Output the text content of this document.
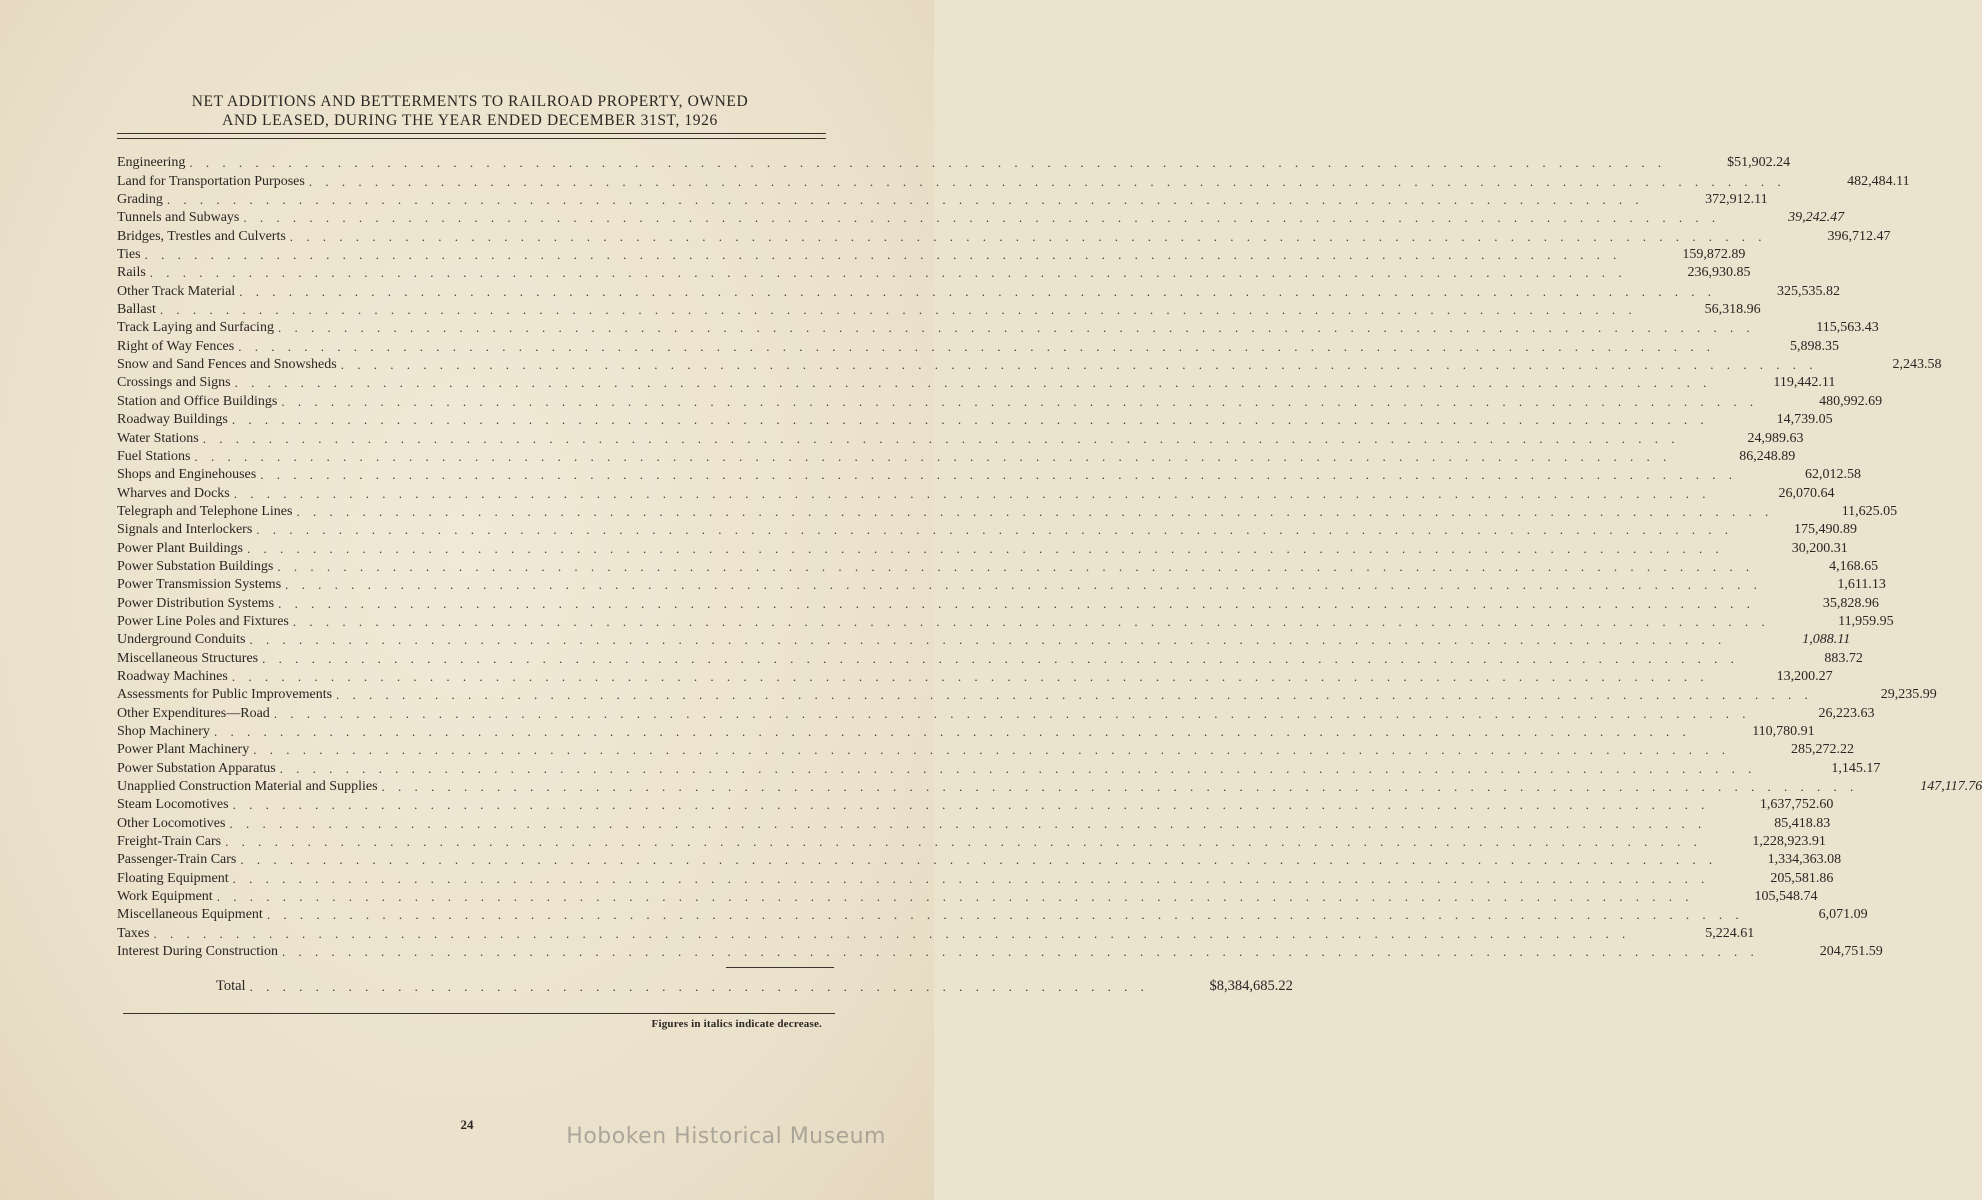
NET ADDITIONS AND BETTERMENTS TO RAILROAD PROPERTY, OWNED
AND LEASED, DURING THE YEAR ENDED DECEMBER 31ST, 1926
Engineering . . . . . . . . . . . . . . . . . . . . . . . . . . . . . . . . . . . . . . . . . . . . . . . . . . . . . . . . . . . . . . . . . . . . . . . . . . . . . . . . . . . . . . . . . .	$51,902.24
Land for Transportation Purposes . . . . . . . . . . . . . . . . . . . . . . . . . . . . . . . . . . . . . . . . . . . . . . . . . . . . . . . . . . . . . . . . . . . . . . . . . . . . . . . . . . . . . . . . . .	482,484.11
Grading . . . . . . . . . . . . . . . . . . . . . . . . . . . . . . . . . . . . . . . . . . . . . . . . . . . . . . . . . . . . . . . . . . . . . . . . . . . . . . . . . . . . . . . . . .	372,912.11
Tunnels and Subways . . . . . . . . . . . . . . . . . . . . . . . . . . . . . . . . . . . . . . . . . . . . . . . . . . . . . . . . . . . . . . . . . . . . . . . . . . . . . . . . . . . . . . . . . .	39,242.47
Bridges, Trestles and Culverts . . . . . . . . . . . . . . . . . . . . . . . . . . . . . . . . . . . . . . . . . . . . . . . . . . . . . . . . . . . . . . . . . . . . . . . . . . . . . . . . . . . . . . . . . .	396,712.47
Ties . . . . . . . . . . . . . . . . . . . . . . . . . . . . . . . . . . . . . . . . . . . . . . . . . . . . . . . . . . . . . . . . . . . . . . . . . . . . . . . . . . . . . . . . . .	159,872.89
Rails . . . . . . . . . . . . . . . . . . . . . . . . . . . . . . . . . . . . . . . . . . . . . . . . . . . . . . . . . . . . . . . . . . . . . . . . . . . . . . . . . . . . . . . . . .	236,930.85
Other Track Material . . . . . . . . . . . . . . . . . . . . . . . . . . . . . . . . . . . . . . . . . . . . . . . . . . . . . . . . . . . . . . . . . . . . . . . . . . . . . . . . . . . . . . . . . .	325,535.82
Ballast . . . . . . . . . . . . . . . . . . . . . . . . . . . . . . . . . . . . . . . . . . . . . . . . . . . . . . . . . . . . . . . . . . . . . . . . . . . . . . . . . . . . . . . . . .	56,318.96
Track Laying and Surfacing . . . . . . . . . . . . . . . . . . . . . . . . . . . . . . . . . . . . . . . . . . . . . . . . . . . . . . . . . . . . . . . . . . . . . . . . . . . . . . . . . . . . . . . . . .	115,563.43
Right of Way Fences . . . . . . . . . . . . . . . . . . . . . . . . . . . . . . . . . . . . . . . . . . . . . . . . . . . . . . . . . . . . . . . . . . . . . . . . . . . . . . . . . . . . . . . . . .	5,898.35
Snow and Sand Fences and Snowsheds . . . . . . . . . . . . . . . . . . . . . . . . . . . . . . . . . . . . . . . . . . . . . . . . . . . . . . . . . . . . . . . . . . . . . . . . . . . . . . . . . . . . . . . . . .	2,243.58
Crossings and Signs . . . . . . . . . . . . . . . . . . . . . . . . . . . . . . . . . . . . . . . . . . . . . . . . . . . . . . . . . . . . . . . . . . . . . . . . . . . . . . . . . . . . . . . . . .	119,442.11
Station and Office Buildings . . . . . . . . . . . . . . . . . . . . . . . . . . . . . . . . . . . . . . . . . . . . . . . . . . . . . . . . . . . . . . . . . . . . . . . . . . . . . . . . . . . . . . . . . .	480,992.69
Roadway Buildings . . . . . . . . . . . . . . . . . . . . . . . . . . . . . . . . . . . . . . . . . . . . . . . . . . . . . . . . . . . . . . . . . . . . . . . . . . . . . . . . . . . . . . . . . .	14,739.05
Water Stations . . . . . . . . . . . . . . . . . . . . . . . . . . . . . . . . . . . . . . . . . . . . . . . . . . . . . . . . . . . . . . . . . . . . . . . . . . . . . . . . . . . . . . . . . .	24,989.63
Fuel Stations . . . . . . . . . . . . . . . . . . . . . . . . . . . . . . . . . . . . . . . . . . . . . . . . . . . . . . . . . . . . . . . . . . . . . . . . . . . . . . . . . . . . . . . . . .	86,248.89
Shops and Enginehouses . . . . . . . . . . . . . . . . . . . . . . . . . . . . . . . . . . . . . . . . . . . . . . . . . . . . . . . . . . . . . . . . . . . . . . . . . . . . . . . . . . . . . . . . . .	62,012.58
Wharves and Docks . . . . . . . . . . . . . . . . . . . . . . . . . . . . . . . . . . . . . . . . . . . . . . . . . . . . . . . . . . . . . . . . . . . . . . . . . . . . . . . . . . . . . . . . . .	26,070.64
Telegraph and Telephone Lines . . . . . . . . . . . . . . . . . . . . . . . . . . . . . . . . . . . . . . . . . . . . . . . . . . . . . . . . . . . . . . . . . . . . . . . . . . . . . . . . . . . . . . . . . .	11,625.05
Signals and Interlockers . . . . . . . . . . . . . . . . . . . . . . . . . . . . . . . . . . . . . . . . . . . . . . . . . . . . . . . . . . . . . . . . . . . . . . . . . . . . . . . . . . . . . . . . . .	175,490.89
Power Plant Buildings . . . . . . . . . . . . . . . . . . . . . . . . . . . . . . . . . . . . . . . . . . . . . . . . . . . . . . . . . . . . . . . . . . . . . . . . . . . . . . . . . . . . . . . . . .	30,200.31
Power Substation Buildings . . . . . . . . . . . . . . . . . . . . . . . . . . . . . . . . . . . . . . . . . . . . . . . . . . . . . . . . . . . . . . . . . . . . . . . . . . . . . . . . . . . . . . . . . .	4,168.65
Power Transmission Systems . . . . . . . . . . . . . . . . . . . . . . . . . . . . . . . . . . . . . . . . . . . . . . . . . . . . . . . . . . . . . . . . . . . . . . . . . . . . . . . . . . . . . . . . . .	1,611.13
Power Distribution Systems . . . . . . . . . . . . . . . . . . . . . . . . . . . . . . . . . . . . . . . . . . . . . . . . . . . . . . . . . . . . . . . . . . . . . . . . . . . . . . . . . . . . . . . . . .	35,828.96
Power Line Poles and Fixtures . . . . . . . . . . . . . . . . . . . . . . . . . . . . . . . . . . . . . . . . . . . . . . . . . . . . . . . . . . . . . . . . . . . . . . . . . . . . . . . . . . . . . . . . . .	11,959.95
Underground Conduits . . . . . . . . . . . . . . . . . . . . . . . . . . . . . . . . . . . . . . . . . . . . . . . . . . . . . . . . . . . . . . . . . . . . . . . . . . . . . . . . . . . . . . . . . .	1,088.11
Miscellaneous Structures . . . . . . . . . . . . . . . . . . . . . . . . . . . . . . . . . . . . . . . . . . . . . . . . . . . . . . . . . . . . . . . . . . . . . . . . . . . . . . . . . . . . . . . . . .	883.72
Roadway Machines . . . . . . . . . . . . . . . . . . . . . . . . . . . . . . . . . . . . . . . . . . . . . . . . . . . . . . . . . . . . . . . . . . . . . . . . . . . . . . . . . . . . . . . . . .	13,200.27
Assessments for Public Improvements . . . . . . . . . . . . . . . . . . . . . . . . . . . . . . . . . . . . . . . . . . . . . . . . . . . . . . . . . . . . . . . . . . . . . . . . . . . . . . . . . . . . . . . . . .	29,235.99
Other Expenditures—Road . . . . . . . . . . . . . . . . . . . . . . . . . . . . . . . . . . . . . . . . . . . . . . . . . . . . . . . . . . . . . . . . . . . . . . . . . . . . . . . . . . . . . . . . . .	26,223.63
Shop Machinery . . . . . . . . . . . . . . . . . . . . . . . . . . . . . . . . . . . . . . . . . . . . . . . . . . . . . . . . . . . . . . . . . . . . . . . . . . . . . . . . . . . . . . . . . .	110,780.91
Power Plant Machinery . . . . . . . . . . . . . . . . . . . . . . . . . . . . . . . . . . . . . . . . . . . . . . . . . . . . . . . . . . . . . . . . . . . . . . . . . . . . . . . . . . . . . . . . . .	285,272.22
Power Substation Apparatus . . . . . . . . . . . . . . . . . . . . . . . . . . . . . . . . . . . . . . . . . . . . . . . . . . . . . . . . . . . . . . . . . . . . . . . . . . . . . . . . . . . . . . . . . .	1,145.17
Unapplied Construction Material and Supplies . . . . . . . . . . . . . . . . . . . . . . . . . . . . . . . . . . . . . . . . . . . . . . . . . . . . . . . . . . . . . . . . . . . . . . . . . . . . . . . . . . . . . . . . . .	147,117.76
Steam Locomotives . . . . . . . . . . . . . . . . . . . . . . . . . . . . . . . . . . . . . . . . . . . . . . . . . . . . . . . . . . . . . . . . . . . . . . . . . . . . . . . . . . . . . . . . . .	1,637,752.60
Other Locomotives . . . . . . . . . . . . . . . . . . . . . . . . . . . . . . . . . . . . . . . . . . . . . . . . . . . . . . . . . . . . . . . . . . . . . . . . . . . . . . . . . . . . . . . . . .	85,418.83
Freight-Train Cars . . . . . . . . . . . . . . . . . . . . . . . . . . . . . . . . . . . . . . . . . . . . . . . . . . . . . . . . . . . . . . . . . . . . . . . . . . . . . . . . . . . . . . . . . .	1,228,923.91
Passenger-Train Cars . . . . . . . . . . . . . . . . . . . . . . . . . . . . . . . . . . . . . . . . . . . . . . . . . . . . . . . . . . . . . . . . . . . . . . . . . . . . . . . . . . . . . . . . . .	1,334,363.08
Floating Equipment . . . . . . . . . . . . . . . . . . . . . . . . . . . . . . . . . . . . . . . . . . . . . . . . . . . . . . . . . . . . . . . . . . . . . . . . . . . . . . . . . . . . . . . . . .	205,581.86
Work Equipment . . . . . . . . . . . . . . . . . . . . . . . . . . . . . . . . . . . . . . . . . . . . . . . . . . . . . . . . . . . . . . . . . . . . . . . . . . . . . . . . . . . . . . . . . .	105,548.74
Miscellaneous Equipment . . . . . . . . . . . . . . . . . . . . . . . . . . . . . . . . . . . . . . . . . . . . . . . . . . . . . . . . . . . . . . . . . . . . . . . . . . . . . . . . . . . . . . . . . .	6,071.09
Taxes . . . . . . . . . . . . . . . . . . . . . . . . . . . . . . . . . . . . . . . . . . . . . . . . . . . . . . . . . . . . . . . . . . . . . . . . . . . . . . . . . . . . . . . . . .	5,224.61
Interest During Construction . . . . . . . . . . . . . . . . . . . . . . . . . . . . . . . . . . . . . . . . . . . . . . . . . . . . . . . . . . . . . . . . . . . . . . . . . . . . . . . . . . . . . . . . . .	204,751.59
Total . . . . . . . . . . . . . . . . . . . . . . . . . . . . . . . . . . . . . . . . . . . . . . . . . . . . . . .	$8,384,685.22
Figures in italics indicate decrease.
24	Hoboken Historical Museum
